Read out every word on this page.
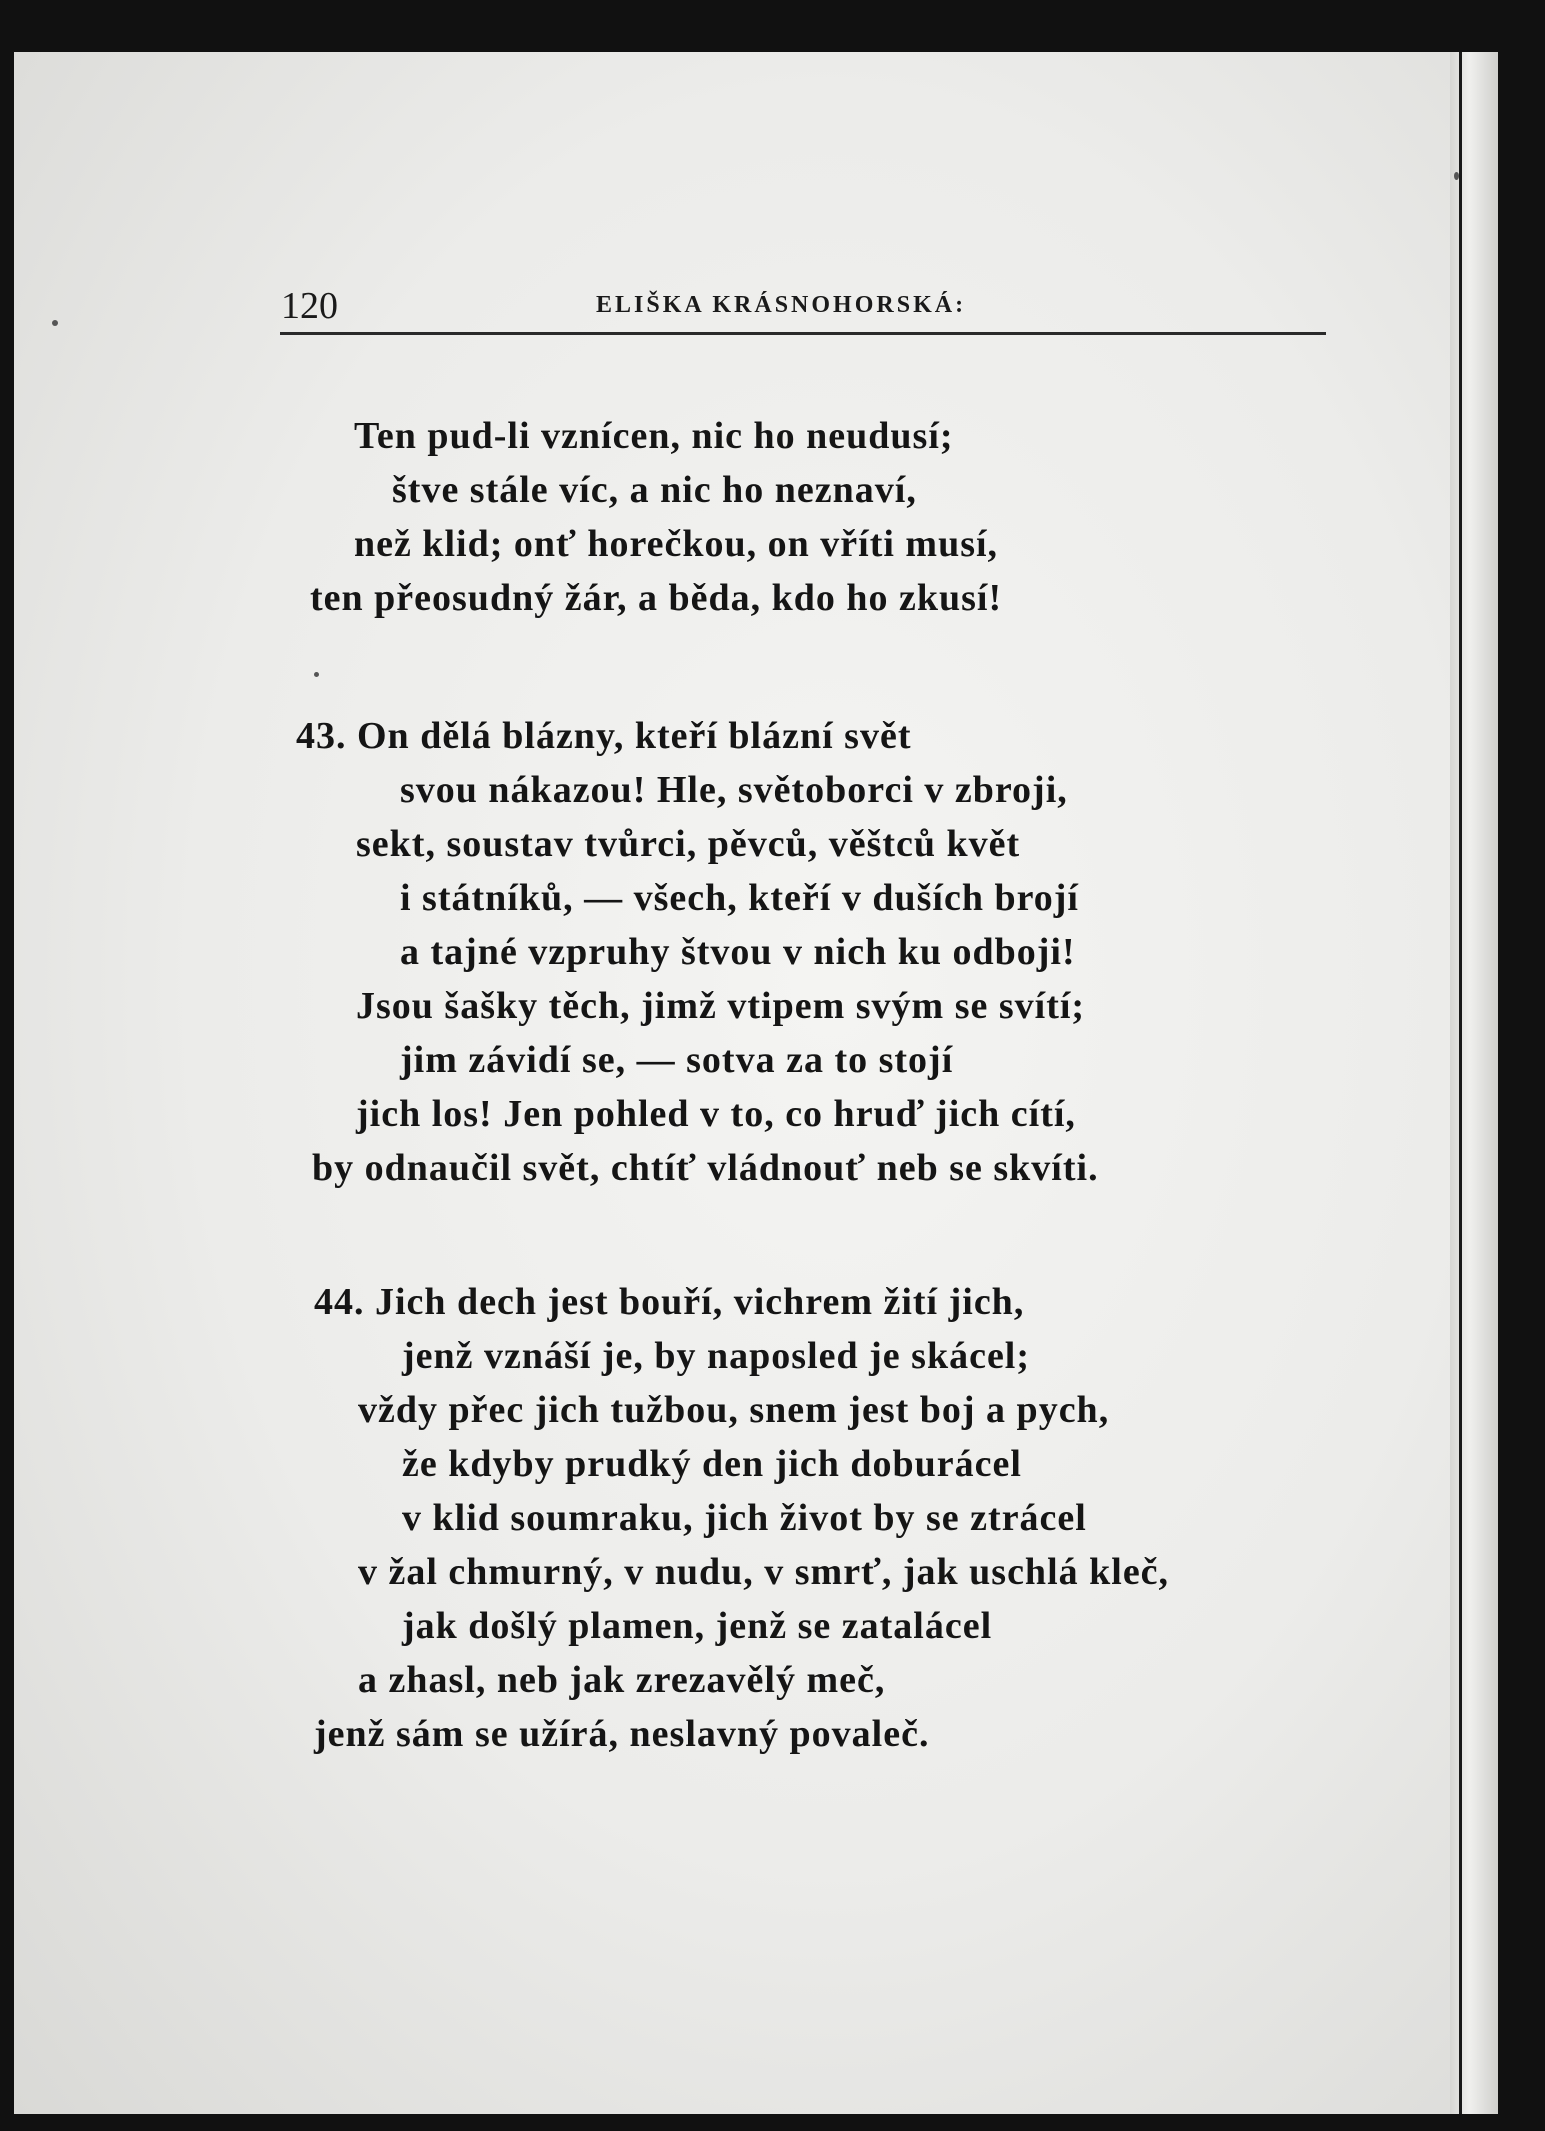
120	ELIŠKA KRÁSNOHORSKÁ:
Ten pud-li vznícen, nic ho neudusí;
štve stále víc, a nic ho neznaví,
než klid; onť horečkou, on vříti musí,
ten přeosudný žár, a běda, kdo ho zkusí!
43. On dělá blázny, kteří blázní svět
svou nákazou! Hle, světoborci v zbroji,
sekt, soustav tvůrci, pěvců, věštců květ
i státníků, — všech, kteří v duších brojí
a tajné vzpruhy štvou v nich ku odboji!
Jsou šašky těch, jimž vtipem svým se svítí;
jim závidí se, — sotva za to stojí
jich los! Jen pohled v to, co hruď jich cítí,
by odnaučil svět, chtíť vládnouť neb se skvíti.
44. Jich dech jest bouří, vichrem žití jich,
jenž vznáší je, by naposled je skácel;
vždy přec jich tužbou, snem jest boj a pych,
že kdyby prudký den jich doburácel
v klid soumraku, jich život by se ztrácel
v žal chmurný, v nudu, v smrť, jak uschlá kleč,
jak došlý plamen, jenž se zatalácel
a zhasl, neb jak zrezavělý meč,
jenž sám se užírá, neslavný povaleč.
